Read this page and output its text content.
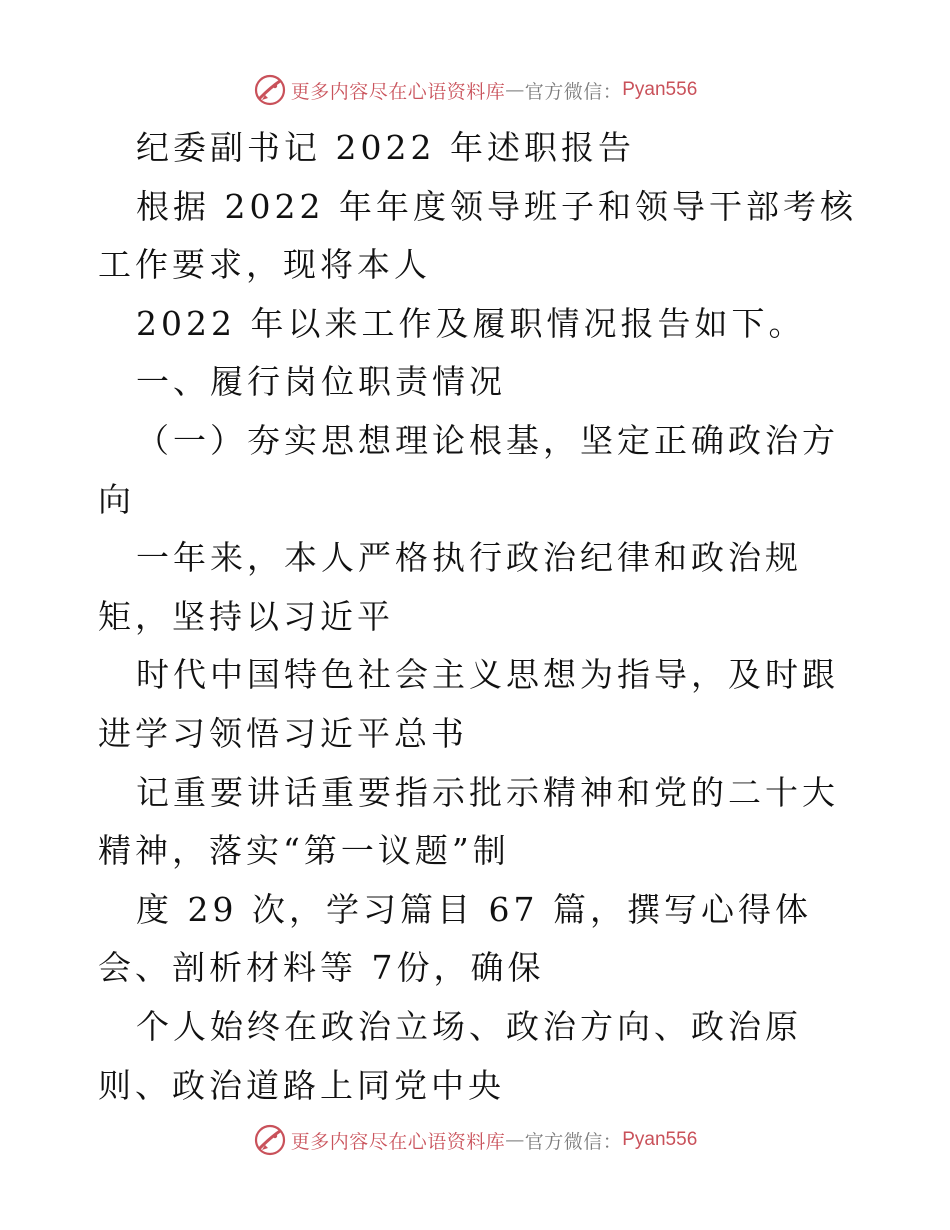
更多内容尽在心语资料库 — 官方微信： Pyan556

纪委副书记 2022 年述职报告

根据 2022 年年度领导班子和领导干部考核工作要求，现将本人

2022 年以来工作及履职情况报告如下。

一、履行岗位职责情况

（一）夯实思想理论根基，坚定正确政治方向

一年来，本人严格执行政治纪律和政治规矩，坚持以习近平

时代中国特色社会主义思想为指导，及时跟进学习领悟习近平总书

记重要讲话重要指示批示精神和党的二十大精神，落实“第一议题”制

度 29 次，学习篇目 67 篇，撰写心得体会、剖析材料等 7份，确保

个人始终在政治立场、政治方向、政治原则、政治道路上同党中央

更多内容尽在心语资料库 — 官方微信： Pyan556
